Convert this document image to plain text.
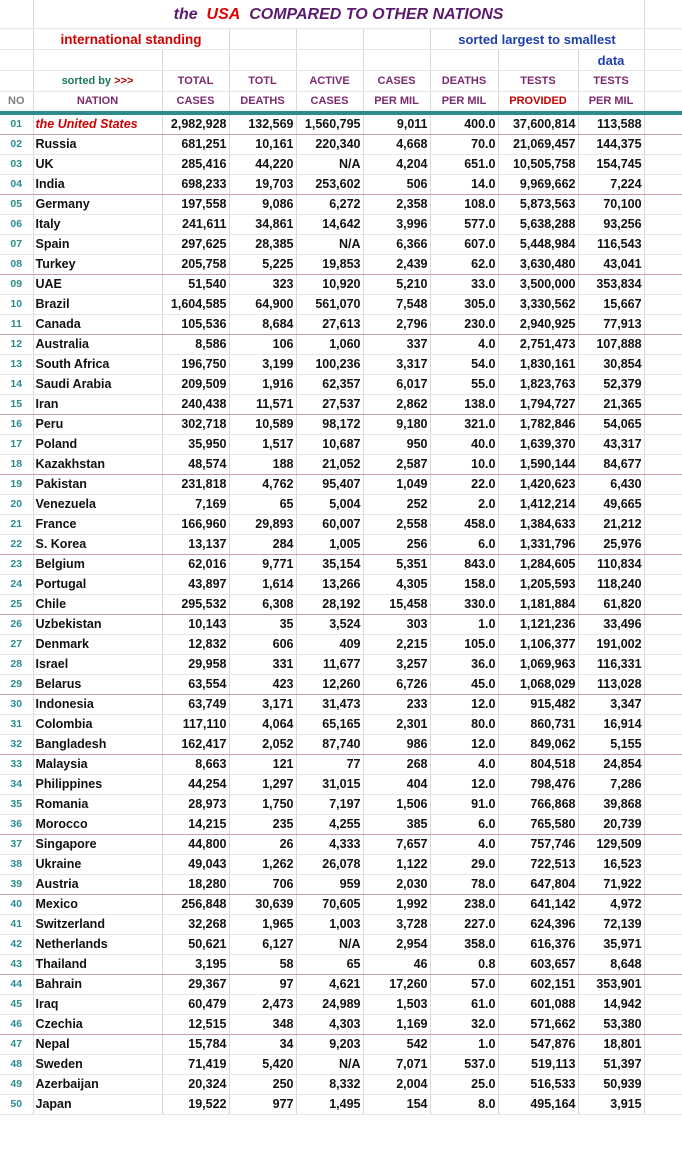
	the USA COMPARED TO OTHER NATIONS								
	international standing					sorted largest to smallest			
								data	
	sorted by >>>	TOTAL	TOTL	ACTIVE	CASES	DEATHS	TESTS	TESTS	
NO	NATION	CASES	DEATHS	CASES	PER MIL	PER MIL	PROVIDED	PER MIL	
01	the United States	2,982,928	132,569	1,560,795	9,011	400.0	37,600,814	113,588	
02	Russia	681,251	10,161	220,340	4,668	70.0	21,069,457	144,375	
03	UK	285,416	44,220	N/A	4,204	651.0	10,505,758	154,745	
04	India	698,233	19,703	253,602	506	14.0	9,969,662	7,224	
05	Germany	197,558	9,086	6,272	2,358	108.0	5,873,563	70,100	
06	Italy	241,611	34,861	14,642	3,996	577.0	5,638,288	93,256	
07	Spain	297,625	28,385	N/A	6,366	607.0	5,448,984	116,543	
08	Turkey	205,758	5,225	19,853	2,439	62.0	3,630,480	43,041	
09	UAE	51,540	323	10,920	5,210	33.0	3,500,000	353,834	
10	Brazil	1,604,585	64,900	561,070	7,548	305.0	3,330,562	15,667	
11	Canada	105,536	8,684	27,613	2,796	230.0	2,940,925	77,913	
12	Australia	8,586	106	1,060	337	4.0	2,751,473	107,888	
13	South Africa	196,750	3,199	100,236	3,317	54.0	1,830,161	30,854	
14	Saudi Arabia	209,509	1,916	62,357	6,017	55.0	1,823,763	52,379	
15	Iran	240,438	11,571	27,537	2,862	138.0	1,794,727	21,365	
16	Peru	302,718	10,589	98,172	9,180	321.0	1,782,846	54,065	
17	Poland	35,950	1,517	10,687	950	40.0	1,639,370	43,317	
18	Kazakhstan	48,574	188	21,052	2,587	10.0	1,590,144	84,677	
19	Pakistan	231,818	4,762	95,407	1,049	22.0	1,420,623	6,430	
20	Venezuela	7,169	65	5,004	252	2.0	1,412,214	49,665	
21	France	166,960	29,893	60,007	2,558	458.0	1,384,633	21,212	
22	S. Korea	13,137	284	1,005	256	6.0	1,331,796	25,976	
23	Belgium	62,016	9,771	35,154	5,351	843.0	1,284,605	110,834	
24	Portugal	43,897	1,614	13,266	4,305	158.0	1,205,593	118,240	
25	Chile	295,532	6,308	28,192	15,458	330.0	1,181,884	61,820	
26	Uzbekistan	10,143	35	3,524	303	1.0	1,121,236	33,496	
27	Denmark	12,832	606	409	2,215	105.0	1,106,377	191,002	
28	Israel	29,958	331	11,677	3,257	36.0	1,069,963	116,331	
29	Belarus	63,554	423	12,260	6,726	45.0	1,068,029	113,028	
30	Indonesia	63,749	3,171	31,473	233	12.0	915,482	3,347	
31	Colombia	117,110	4,064	65,165	2,301	80.0	860,731	16,914	
32	Bangladesh	162,417	2,052	87,740	986	12.0	849,062	5,155	
33	Malaysia	8,663	121	77	268	4.0	804,518	24,854	
34	Philippines	44,254	1,297	31,015	404	12.0	798,476	7,286	
35	Romania	28,973	1,750	7,197	1,506	91.0	766,868	39,868	
36	Morocco	14,215	235	4,255	385	6.0	765,580	20,739	
37	Singapore	44,800	26	4,333	7,657	4.0	757,746	129,509	
38	Ukraine	49,043	1,262	26,078	1,122	29.0	722,513	16,523	
39	Austria	18,280	706	959	2,030	78.0	647,804	71,922	
40	Mexico	256,848	30,639	70,605	1,992	238.0	641,142	4,972	
41	Switzerland	32,268	1,965	1,003	3,728	227.0	624,396	72,139	
42	Netherlands	50,621	6,127	N/A	2,954	358.0	616,376	35,971	
43	Thailand	3,195	58	65	46	0.8	603,657	8,648	
44	Bahrain	29,367	97	4,621	17,260	57.0	602,151	353,901	
45	Iraq	60,479	2,473	24,989	1,503	61.0	601,088	14,942	
46	Czechia	12,515	348	4,303	1,169	32.0	571,662	53,380	
47	Nepal	15,784	34	9,203	542	1.0	547,876	18,801	
48	Sweden	71,419	5,420	N/A	7,071	537.0	519,113	51,397	
49	Azerbaijan	20,324	250	8,332	2,004	25.0	516,533	50,939	
50	Japan	19,522	977	1,495	154	8.0	495,164	3,915	
